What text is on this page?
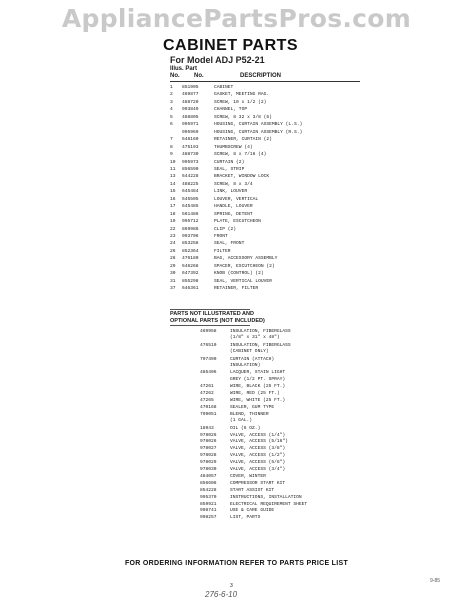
AppliancePartsPros.com
CABINET PARTS
For Model ADJ P52-21
Illus. Part
No. No.	DESCRIPTION
1 851905	CABINET
2 469877	GASKET, MEETING RAG.
3 488720	SCREW, 10 x 1/2 (2)
4 993849	CHANNEL, TOP
5 488805	SCREW, 8 32 x 3/8 (6)
6 995971	HOUSING, CURTAIN ASSEMBLY (L.S.)
995969	HOUSING, CURTAIN ASSEMBLY (R.S.)
7 646160	RETAINER, CURTAIN (2)
8 475193	THUMBSCREW (4)
9 488730	SCREW, 8 x 7/16 (4)
10 995973	CURTAIN (2)
11 856590	SEAL, STRIP
13 644228	BRACKET, WINDOW LOCK
14 488225	SCREW, 8 x 3/4
15 645484	LINK, LOUVER
16 645505	LOUVER, VERTICAL
17 645485	HANDLE, LOUVER
18 561486	SPRING, DETENT
19 995712	PLATE, ESCUTCHEON
22 869986	CLIP (2)
23 993706	FRONT
24 853258	SEAL, FRONT
26 852364	FILTER
28 476180	BAG, ACCESSORY ASSEMBLY
29 646268	SPACER, ESCUTCHEON (2)
30 647392	KNOB (CONTROL) (2)
31 855298	SEAL, VERTICAL LOUVER
37 646361	RETAINER, FILTER
PARTS NOT ILLUSTRATED AND
OPTIONAL PARTS (NOT INCLUDED)
469958	INSULATION, FIBERGLASS
(1/8" x 31" x 48")
476510	INSULATION, FIBERGLASS
(CABINET ONLY)
797490	CURTAIN (ATTACH)
INSULATION)
485406	LACQUER, STAIN LIGHT
GREY (1/2 PT. SPRAY)
47261	WIRE, BLACK (25 FT.)
47262	WIRE, RED (25 FT.)
47265	WIRE, WHITE (25 FT.)
470168	SEALER, GUM TYPE
799051	BLEND, THINNER
(1 GAL.)
18943	OIL (6 OZ.)
978026	VALVE, ACCESS (1/4")
978026	VALVE, ACCESS (5/16")
978027	VALVE, ACCESS (3/8")
978028	VALVE, ACCESS (1/2")
978029	VALVE, ACCESS (5/8")
978030	VALVE, ACCESS (3/4")
484057	COVER, WINTER
856608	COMPRESSOR START KIT
854228	START ASSIST KIT
995370	INSTRUCTIONS, INSTALLATION
859921	ELECTRICAL REQUIREMENT SHEET
998741	USE & CARE GUIDE
998257	LIST, PARTS
FOR ORDERING INFORMATION REFER TO PARTS PRICE LIST
3
9-85
276-6-10
